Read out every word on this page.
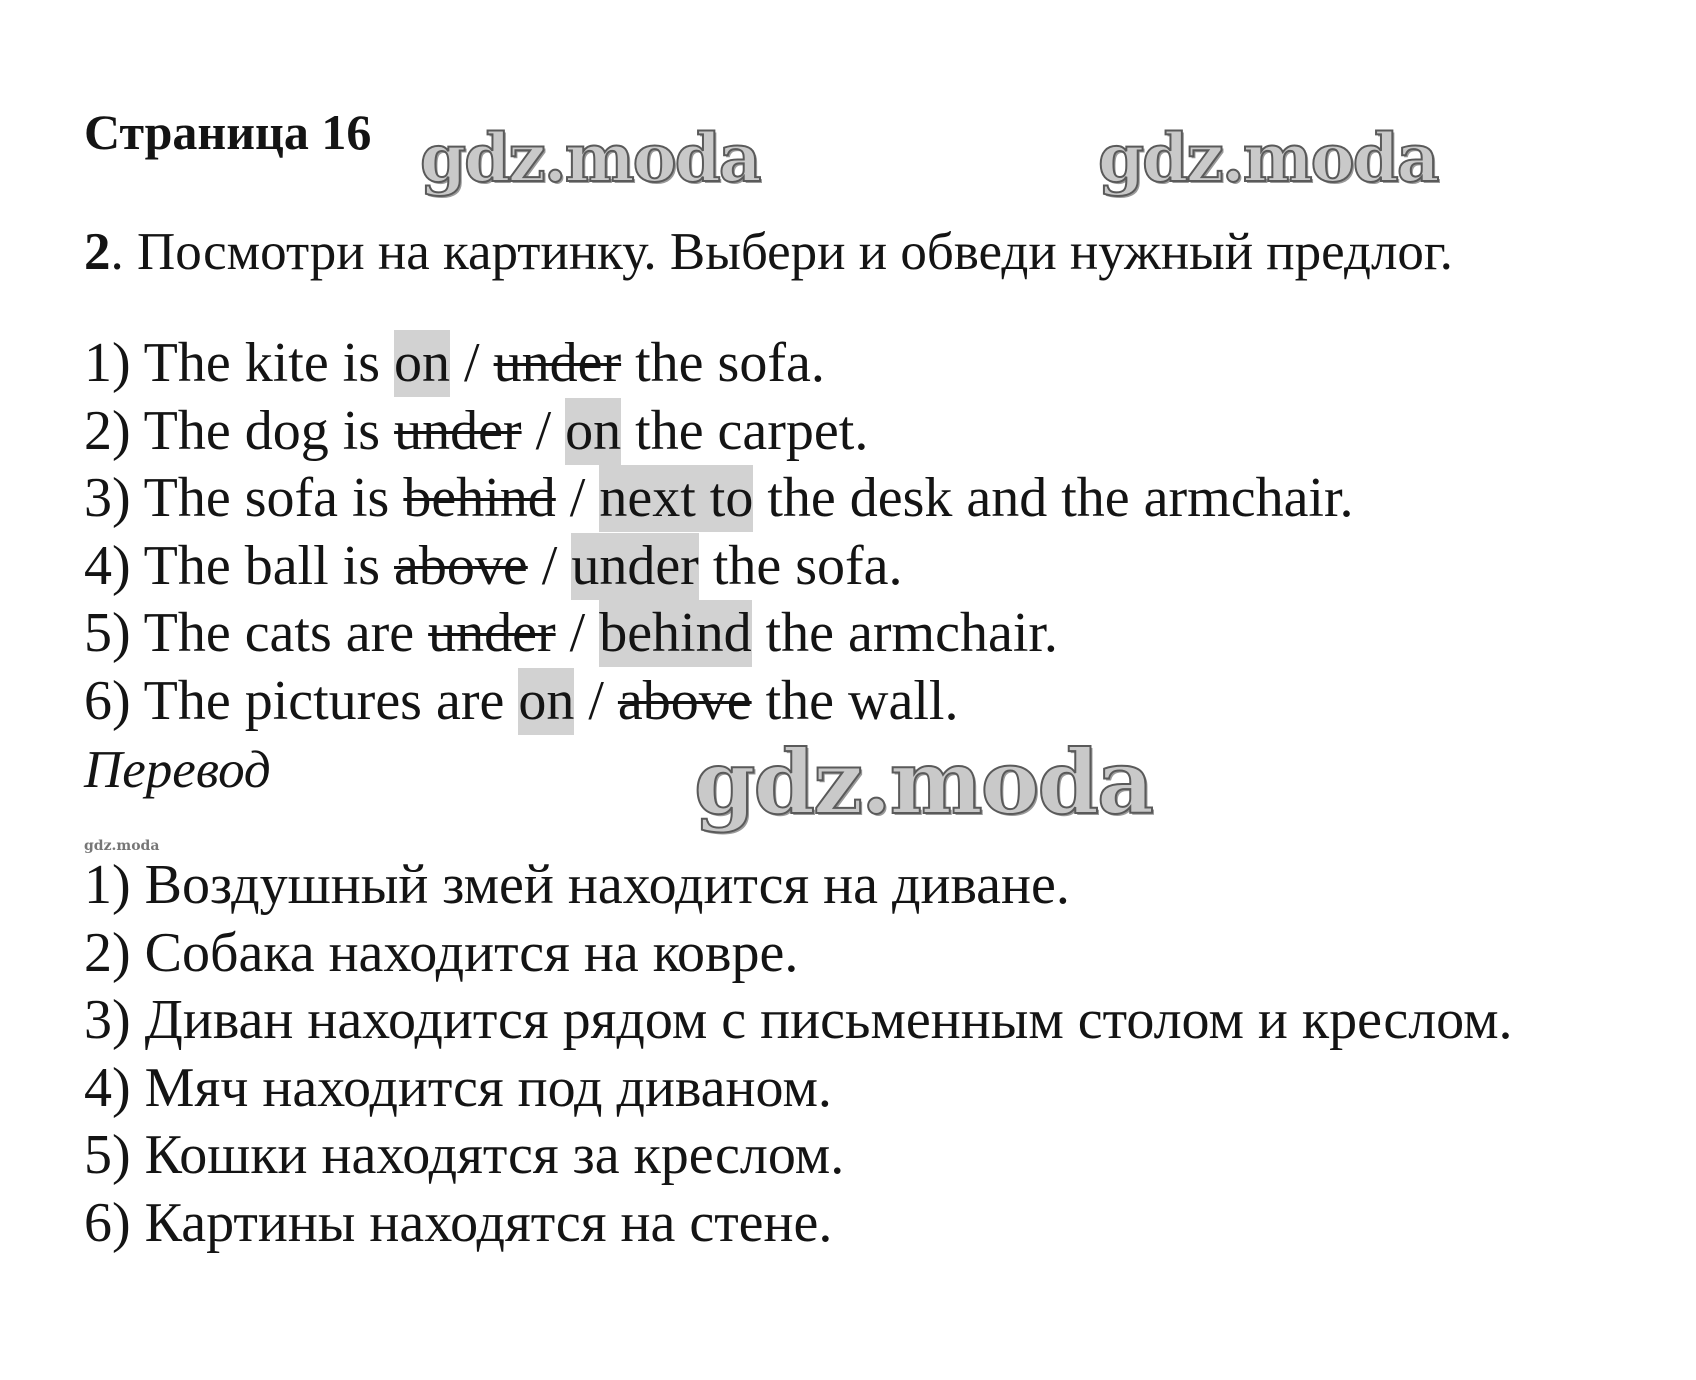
Страница 16 gdz.moda	gdz.moda
2. Посмотри на картинку. Выбери и обведи нужный предлог.
1) The kite is on / under the sofa.
2) The dog is under / on the carpet.
3) The sofa is behind / next to the desk and the armchair.
4) The ball is above / under the sofa.
5) The cats are under / behind the armchair.
6) The pictures are on / above the wall.
Перевод	gdz.moda
gdz.moda
1) Воздушный змей находится на диване.
2) Собака находится на ковре.
3) Диван находится рядом с письменным столом и креслом.
4) Мяч находится под диваном.
5) Кошки находятся за креслом.
6) Картины находятся на стене.
